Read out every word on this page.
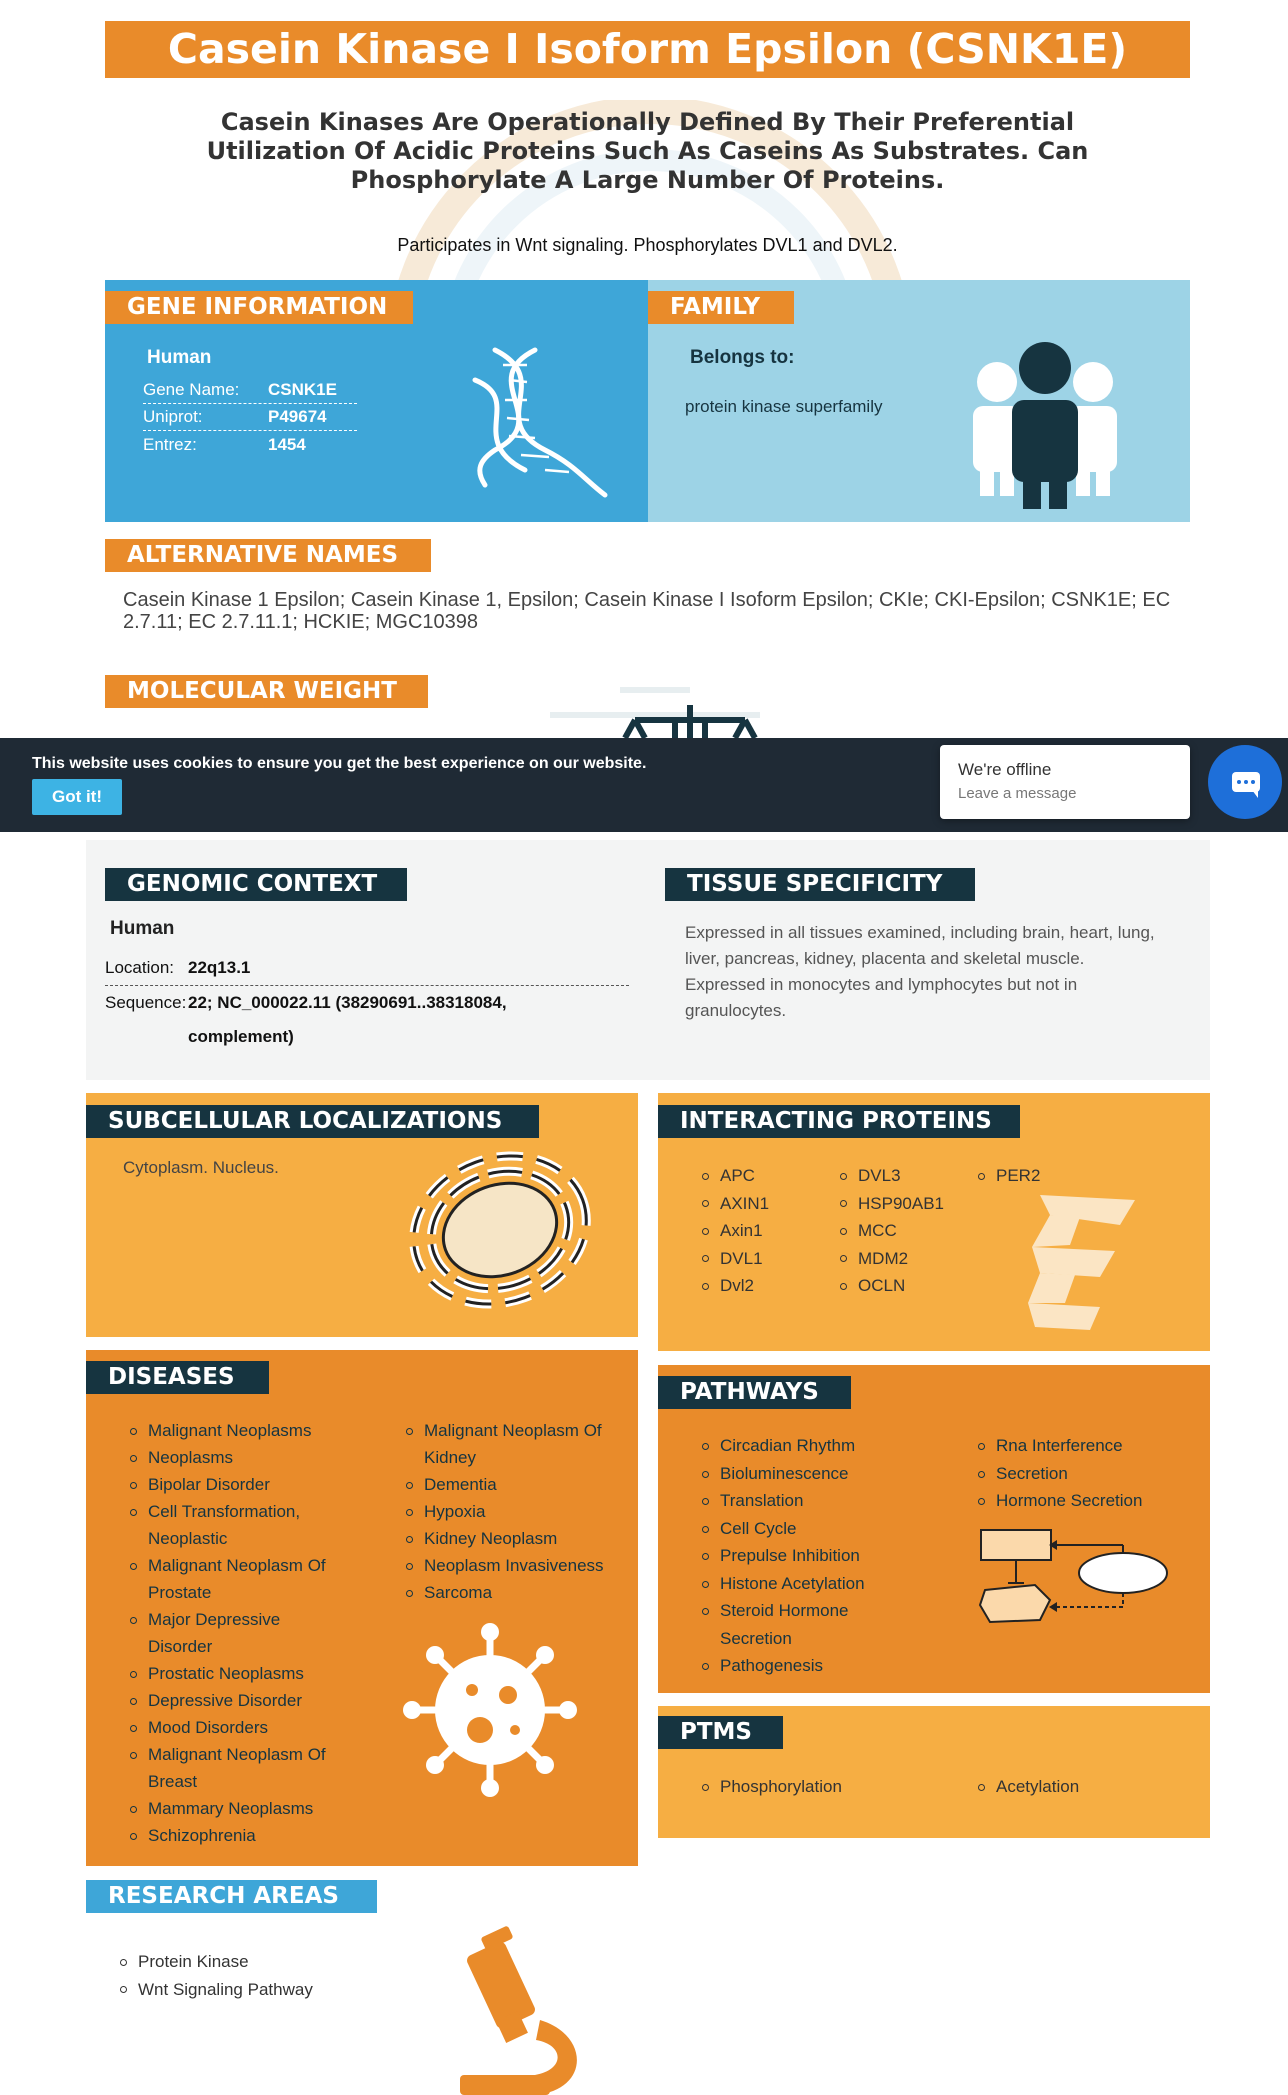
Casein Kinase I Isoform Epsilon (CSNK1E)
Casein Kinases Are Operationally Defined By Their Preferential Utilization Of Acidic Proteins Such As Caseins As Substrates. Can Phosphorylate A Large Number Of Proteins.
Participates in Wnt signaling. Phosphorylates DVL1 and DVL2.
GENE INFORMATION
Human
Gene Name: CSNK1E
Uniprot:	P49674
Entrez:	1454
FAMILY
Belongs to:
protein kinase superfamily
ALTERNATIVE NAMES
Casein Kinase 1 Epsilon; Casein Kinase 1, Epsilon; Casein Kinase I Isoform Epsilon; CKIe; CKI-Epsilon; CSNK1E; EC 2.7.11; EC 2.7.11.1; HCKIE; MGC10398
MOLECULAR WEIGHT
This website uses cookies to ensure you get the best experience on our website.
Got it!
We're offline
Leave a message
GENOMIC CONTEXT
Human
Location: 22q13.1
Sequence: 22; NC_000022.11 (38290691..38318084,
complement)
TISSUE SPECIFICITY
Expressed in all tissues examined, including brain, heart, lung,
liver, pancreas, kidney, placenta and skeletal muscle.
Expressed in monocytes and lymphocytes but not in
granulocytes.
SUBCELLULAR LOCALIZATIONS
Cytoplasm. Nucleus.
INTERACTING PROTEINS
APC
AXIN1
Axin1
DVL1
Dvl2
DVL3
HSP90AB1
MCC
MDM2
OCLN
PER2
DISEASES
Malignant Neoplasms
Neoplasms
Bipolar Disorder
Cell Transformation,
Neoplastic
Malignant Neoplasm Of
Prostate
Major Depressive
Disorder
Prostatic Neoplasms
Depressive Disorder
Mood Disorders
Malignant Neoplasm Of
Breast
Mammary Neoplasms
Schizophrenia
Malignant Neoplasm Of
Kidney
Dementia
Hypoxia
Kidney Neoplasm
Neoplasm Invasiveness
Sarcoma
PATHWAYS
Circadian Rhythm
Bioluminescence
Translation
Cell Cycle
Prepulse Inhibition
Histone Acetylation
Steroid Hormone
Secretion
Pathogenesis
Rna Interference
Secretion
Hormone Secretion
PTMS
Phosphorylation	Acetylation
RESEARCH AREAS
Protein Kinase
Wnt Signaling Pathway
